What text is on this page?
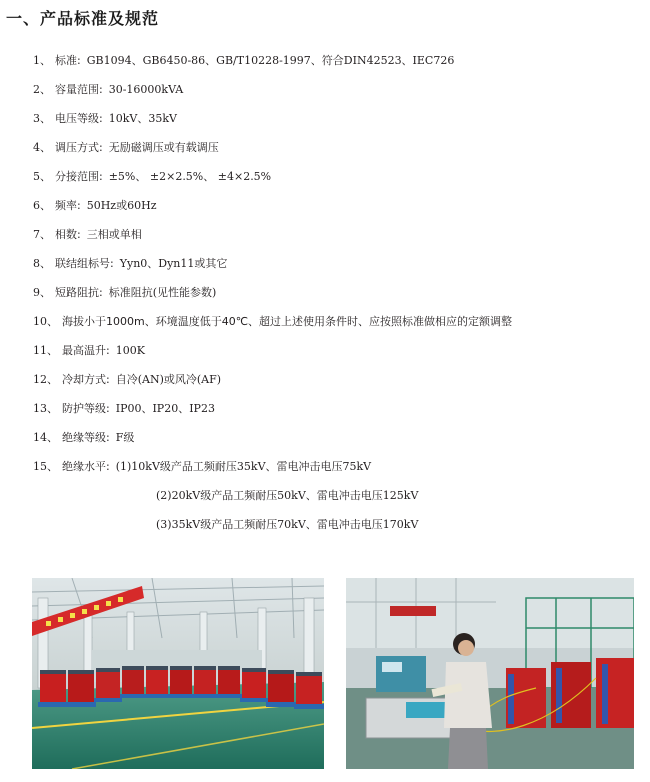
一、产品标准及规范
1、 标准: GB1094、GB6450-86、GB/T10228-1997、符合DIN42523、IEC726
2、 容量范围: 30-16000kVA
3、 电压等级: 10kV、35kV
4、 调压方式: 无励磁调压或有载调压
5、 分接范围: ±5%、 ±2×2.5%、 ±4×2.5%
6、 频率: 50Hz或60Hz
7、 相数: 三相或单相
8、 联结组标号: Yyn0、Dyn11或其它
9、 短路阻抗: 标准阻抗(见性能参数)
10、 海拔小于1000m、环境温度低于40℃、超过上述使用条件时、应按照标准做相应的定额调整
11、 最高温升: 100K
12、 冷却方式: 自冷(AN)或风冷(AF)
13、 防护等级: IP00、IP20、IP23
14、 绝缘等级: F级
15、 绝缘水平: (1)10kV级产品工频耐压35kV、雷电冲击电压75kV
(2)20kV级产品工频耐压50kV、雷电冲击电压125kV
(3)35kV级产品工频耐压70kV、雷电冲击电压170kV
